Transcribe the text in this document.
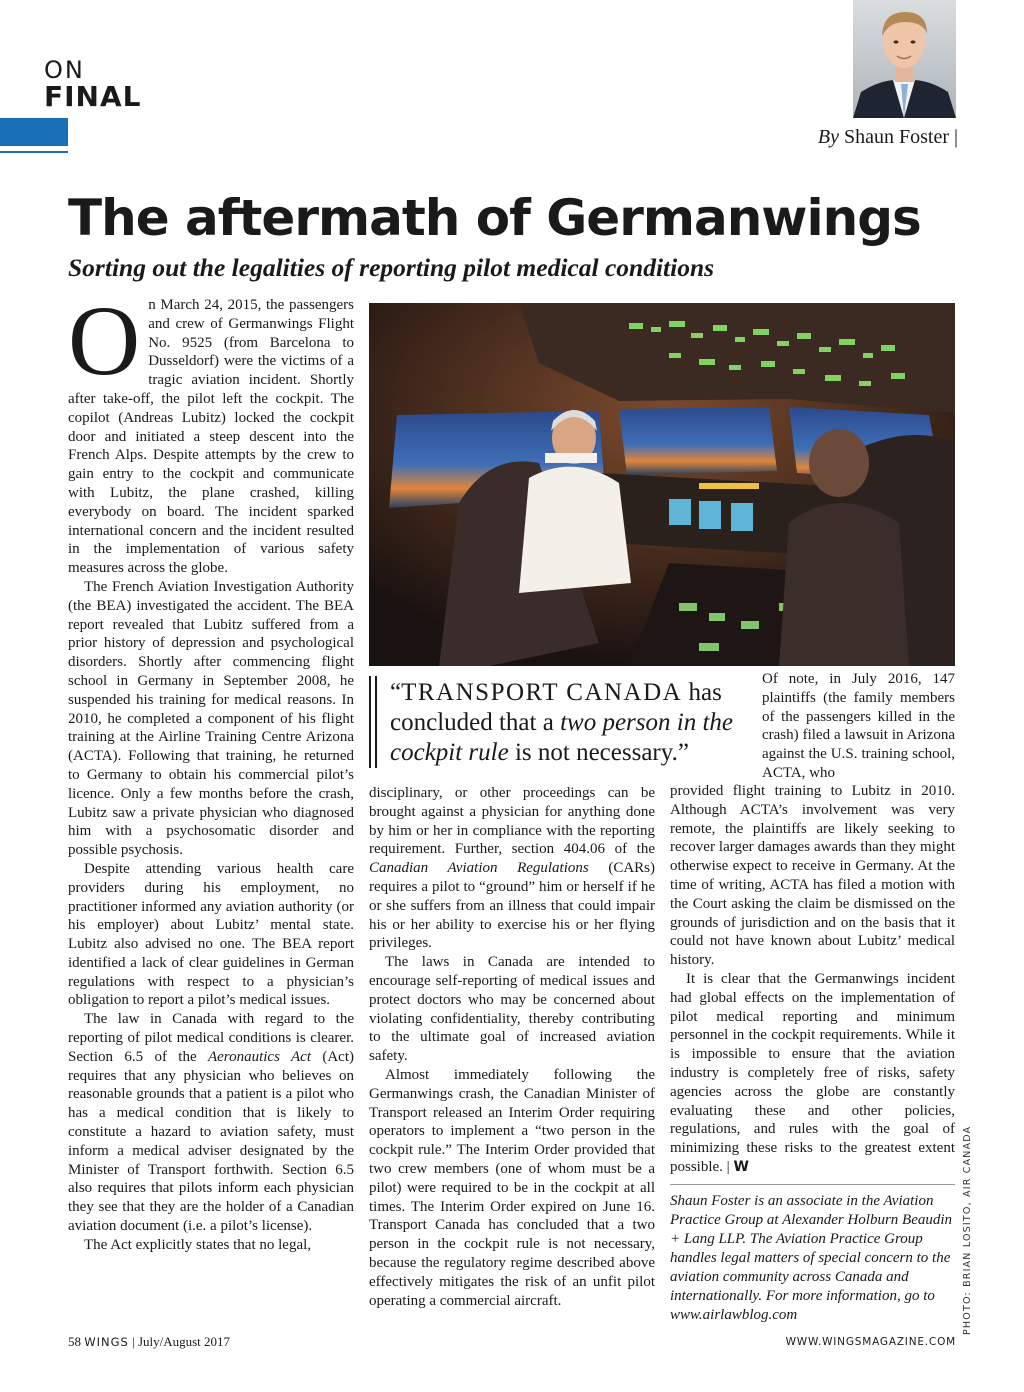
ON
FINAL
By Shaun Foster |
The aftermath of Germanwings
Sorting out the legalities of reporting pilot medical conditions

On March 24, 2015, the passengers and crew of Germanwings Flight No. 9525 (from Barcelona to Dusseldorf) were the victims of a tragic aviation incident. Shortly after take-off, the pilot left the cockpit. The copilot (Andreas Lubitz) locked the cockpit door and initiated a steep descent into the French Alps. Despite attempts by the crew to gain entry to the cockpit and communicate with Lubitz, the plane crashed, killing everybody on board. The incident sparked international concern and the incident resulted in the implementation of various safety measures across the globe.

The French Aviation Investigation Authority (the BEA) investigated the accident. The BEA report revealed that Lubitz suffered from a prior history of depression and psychological disorders. Shortly after commencing flight school in Germany in September 2008, he suspended his training for medical reasons. In 2010, he completed a component of his flight training at the Airline Training Centre Arizona (ACTA). Following that training, he returned to Germany to obtain his commercial pilot’s licence. Only a few months before the crash, Lubitz saw a private physician who diagnosed him with a psychosomatic disorder and possible psychosis.

Despite attending various health care providers during his employment, no practitioner informed any aviation authority (or his employer) about Lubitz’ mental state. Lubitz also advised no one. The BEA report identified a lack of clear guidelines in German regulations with respect to a physician’s obligation to report a pilot’s medical issues.

The law in Canada with regard to the reporting of pilot medical conditions is clearer. Section 6.5 of the Aeronautics Act (Act) requires that any physician who believes on reasonable grounds that a patient is a pilot who has a medical condition that is likely to constitute a hazard to aviation safety, must inform a medical adviser designated by the Minister of Transport forthwith. Section 6.5 also requires that pilots inform each physician they see that they are the holder of a Canadian aviation document (i.e. a pilot’s license).

The Act explicitly states that no legal,

“TRANSPORT CANADA has concluded that a two person in the cockpit rule is not necessary.”
Of note, in July 2016, 147 plaintiffs (the family members of the passengers killed in the crash) filed a lawsuit in Arizona against the U.S. training school, ACTA, who

disciplinary, or other proceedings can be brought against a physician for anything done by him or her in compliance with the reporting requirement. Further, section 404.06 of the Canadian Aviation Regulations (CARs) requires a pilot to “ground” him or herself if he or she suffers from an illness that could impair his or her ability to exercise his or her flying privileges.

The laws in Canada are intended to encourage self-reporting of medical issues and protect doctors who may be concerned about violating confidentiality, thereby contributing to the ultimate goal of increased aviation safety.

Almost immediately following the Germanwings crash, the Canadian Minister of Transport released an Interim Order requiring operators to implement a “two person in the cockpit rule.” The Interim Order provided that two crew members (one of whom must be a pilot) were required to be in the cockpit at all times. The Interim Order expired on June 16. Transport Canada has concluded that a two person in the cockpit rule is not necessary, because the regulatory regime described above effectively mitigates the risk of an unfit pilot operating a commercial aircraft.

provided flight training to Lubitz in 2010. Although ACTA’s involvement was very remote, the plaintiffs are likely seeking to recover larger damages awards than they might otherwise expect to receive in Germany. At the time of writing, ACTA has filed a motion with the Court asking the claim be dismissed on the grounds of jurisdiction and on the basis that it could not have known about Lubitz’ medical history.

It is clear that the Germanwings incident had global effects on the implementation of pilot medical reporting and minimum personnel in the cockpit requirements. While it is impossible to ensure that the aviation industry is completely free of risks, safety agencies across the globe are constantly evaluating these and other policies, regulations, and rules with the goal of minimizing these risks to the greatest extent possible. | W

Shaun Foster is an associate in the Aviation Practice Group at Alexander Holburn Beaudin + Lang LLP. The Aviation Practice Group handles legal matters of special concern to the aviation community across Canada and internationally. For more information, go to www.airlawblog.com	PHOTO: BRIAN LOSITO, AIR CANADA
58 WINGS | July/August 2017	WWW.WINGSMAGAZINE.COM
